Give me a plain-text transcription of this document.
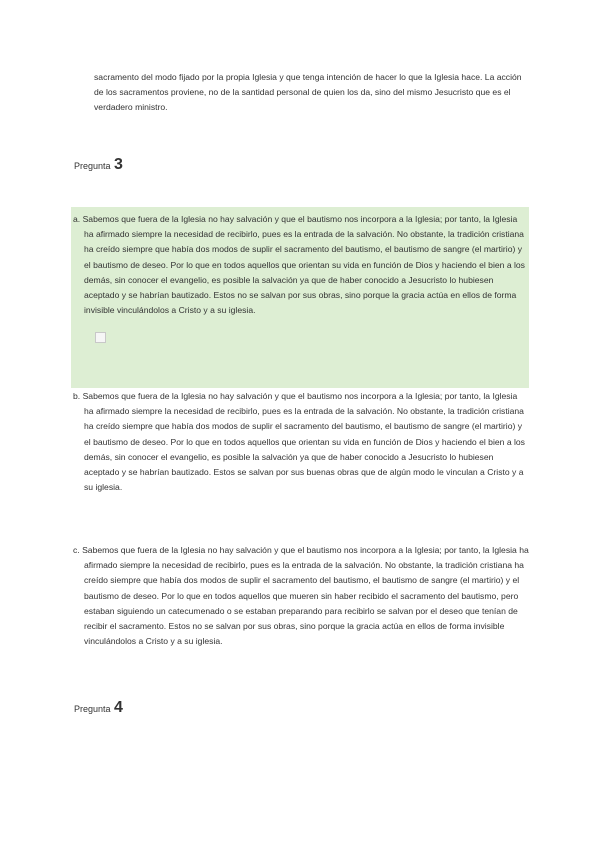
sacramento del modo fijado por la propia Iglesia y que tenga intención de hacer lo que la Iglesia hace. La acción de los sacramentos proviene, no de la santidad personal de quien los da, sino del mismo Jesucristo que es el verdadero ministro.

Pregunta 3
a. Sabemos que fuera de la Iglesia no hay salvación y que el bautismo nos incorpora a la Iglesia; por tanto, la Iglesia ha afirmado siempre la necesidad de recibirlo, pues es la entrada de la salvación. No obstante, la tradición cristiana ha creído siempre que había dos modos de suplir el sacramento del bautismo, el bautismo de sangre (el martirio) y el bautismo de deseo. Por lo que en todos aquellos que orientan su vida en función de Dios y haciendo el bien a los demás, sin conocer el evangelio, es posible la salvación ya que de haber conocido a Jesucristo lo hubiesen aceptado y se habrían bautizado. Estos no se salvan por sus obras, sino porque la gracia actúa en ellos de forma invisible vinculándolos a Cristo y a su iglesia.
b. Sabemos que fuera de la Iglesia no hay salvación y que el bautismo nos incorpora a la Iglesia; por tanto, la Iglesia ha afirmado siempre la necesidad de recibirlo, pues es la entrada de la salvación. No obstante, la tradición cristiana ha creído siempre que había dos modos de suplir el sacramento del bautismo, el bautismo de sangre (el martirio) y el bautismo de deseo. Por lo que en todos aquellos que orientan su vida en función de Dios y haciendo el bien a los demás, sin conocer el evangelio, es posible la salvación ya que de haber conocido a Jesucristo lo hubiesen aceptado y se habrían bautizado. Estos se salvan por sus buenas obras que de algún modo le vinculan a Cristo y a su iglesia.
c. Sabemos que fuera de la Iglesia no hay salvación y que el bautismo nos incorpora a la Iglesia; por tanto, la Iglesia ha afirmado siempre la necesidad de recibirlo, pues es la entrada de la salvación. No obstante, la tradición cristiana ha creído siempre que había dos modos de suplir el sacramento del bautismo, el bautismo de sangre (el martirio) y el bautismo de deseo. Por lo que en todos aquellos que mueren sin haber recibido el sacramento del bautismo, pero estaban siguiendo un catecumenado o se estaban preparando para recibirlo se salvan por el deseo que tenían de recibir el sacramento. Estos no se salvan por sus obras, sino porque la gracia actúa en ellos de forma invisible vinculándolos a Cristo y a su iglesia.
Pregunta 4
